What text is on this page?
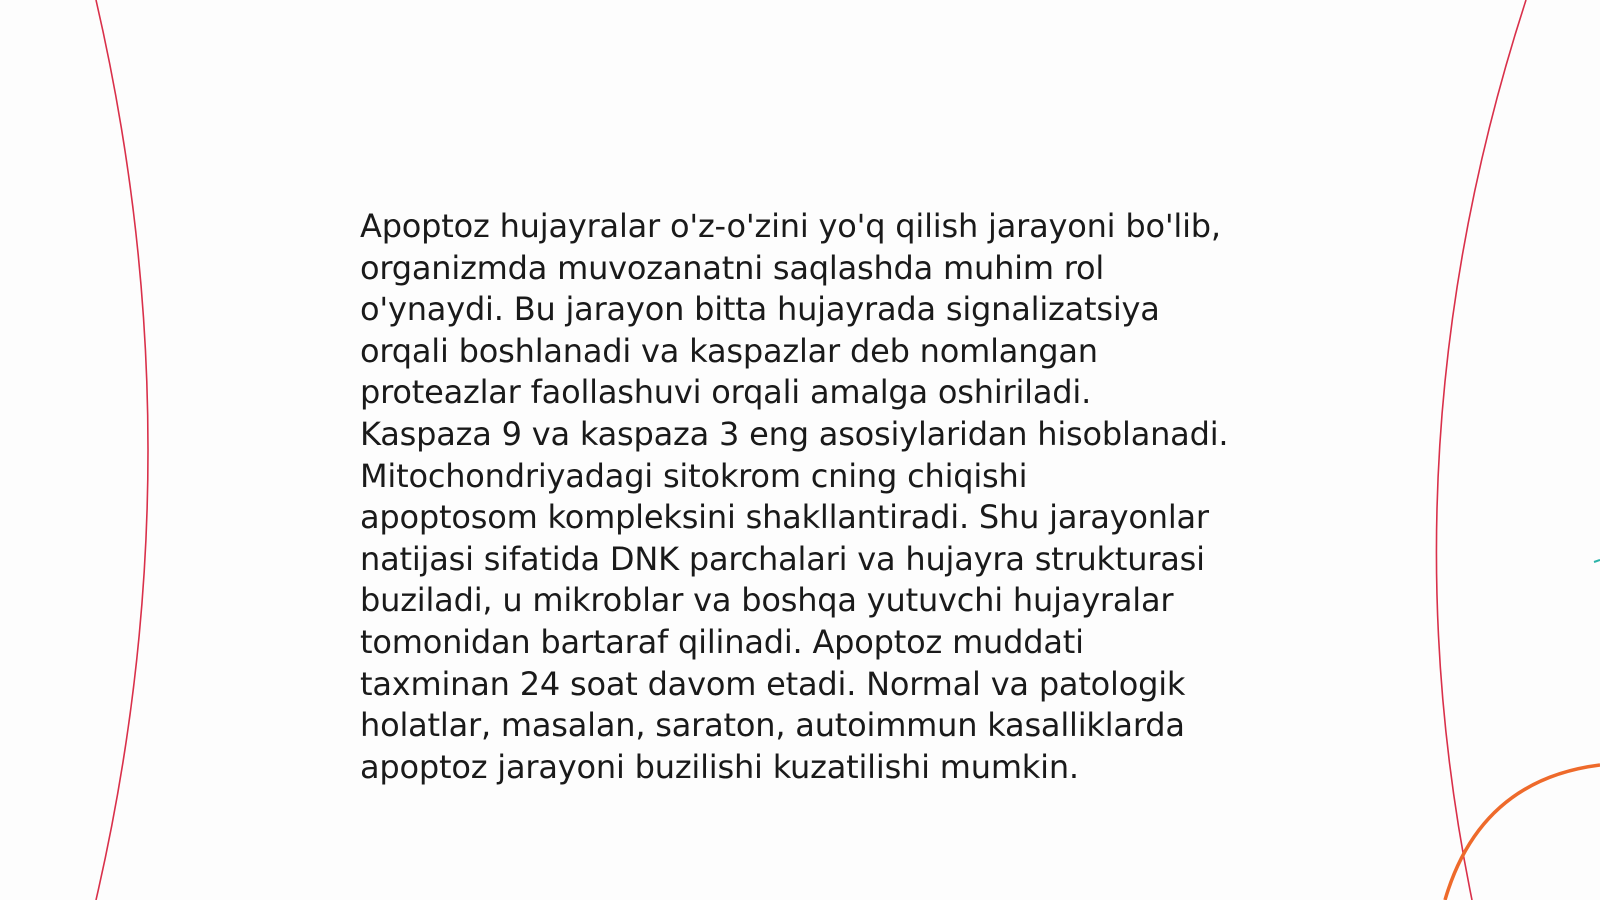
Apoptoz hujayralar o'z-o'zini yo'q qilish jarayoni bo'lib,
organizmda muvozanatni saqlashda muhim rol
o'ynaydi. Bu jarayon bitta hujayrada signalizatsiya
orqali boshlanadi va kaspazlar deb nomlangan
proteazlar faollashuvi orqali amalga oshiriladi.
Kaspaza 9 va kaspaza 3 eng asosiylaridan hisoblanadi.
Mitochondriyadagi sitokrom cning chiqishi
apoptosom kompleksini shakllantiradi. Shu jarayonlar
natijasi sifatida DNK parchalari va hujayra strukturasi
buziladi, u mikroblar va boshqa yutuvchi hujayralar
tomonidan bartaraf qilinadi. Apoptoz muddati
taxminan 24 soat davom etadi. Normal va patologik
holatlar, masalan, saraton, autoimmun kasalliklarda
apoptoz jarayoni buzilishi kuzatilishi mumkin.
